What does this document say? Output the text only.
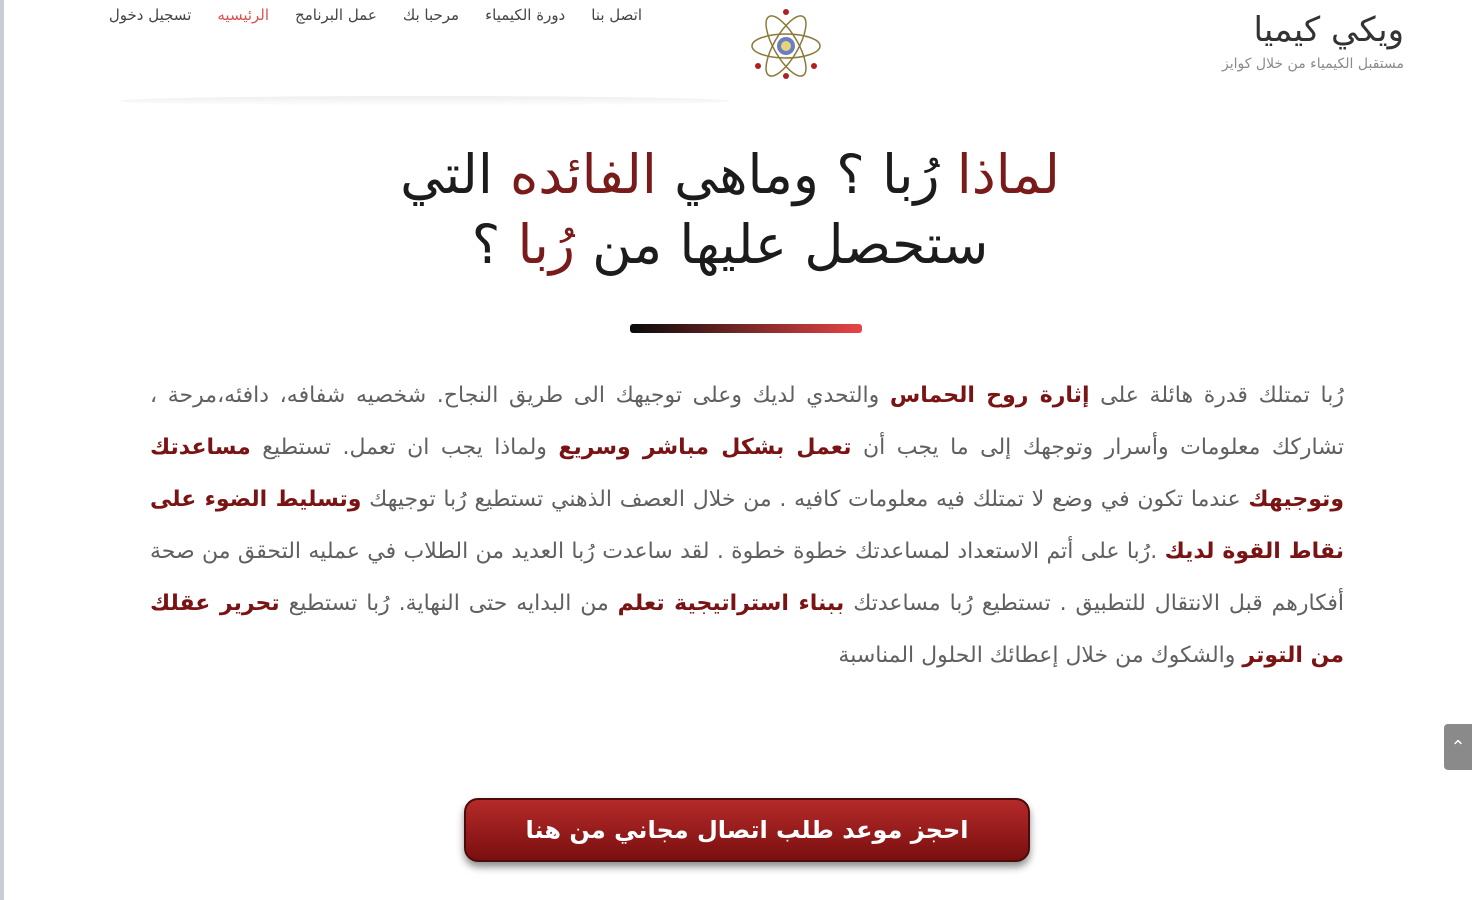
اتصل بنا
دورة الكيمياء
مرحبا بك
عمل البرنامج
الرئيسيه
تسجيل دخول	ويكي كيميا
مستقبل الكيمياء من خلال كوايز
لماذا رُبا ؟ وماهي الفائده التي
ستحصل عليها من رُبا ؟

رُبا تمتلك قدرة هائلة على إثارة روح الحماس والتحدي لديك وعلى توجيهك الى طريق النجاح. شخصيه شفافه، دافئه،مرحة ، تشاركك معلومات وأسرار وتوجهك إلى ما يجب أن تعمل بشكل مباشر وسريع ولماذا يجب ان تعمل. تستطيع مساعدتك وتوجيهك عندما تكون في وضع لا تمتلك فيه معلومات كافيه . من خلال العصف الذهني تستطيع رُبا توجيهك وتسليط الضوء على نقاط القوة لديك .رُبا على أتم الاستعداد لمساعدتك خطوة خطوة . لقد ساعدت رُبا العديد من الطلاب في عمليه التحقق من صحة أفكارهم قبل الانتقال للتطبيق . تستطيع رُبا مساعدتك ببناء استراتيجية تعلم من البدايه حتى النهاية. رُبا تستطيع تحرير عقلك من التوتر والشكوك من خلال إعطائك الحلول المناسبة

احجز موعد طلب اتصال مجاني من هنا
⌃
